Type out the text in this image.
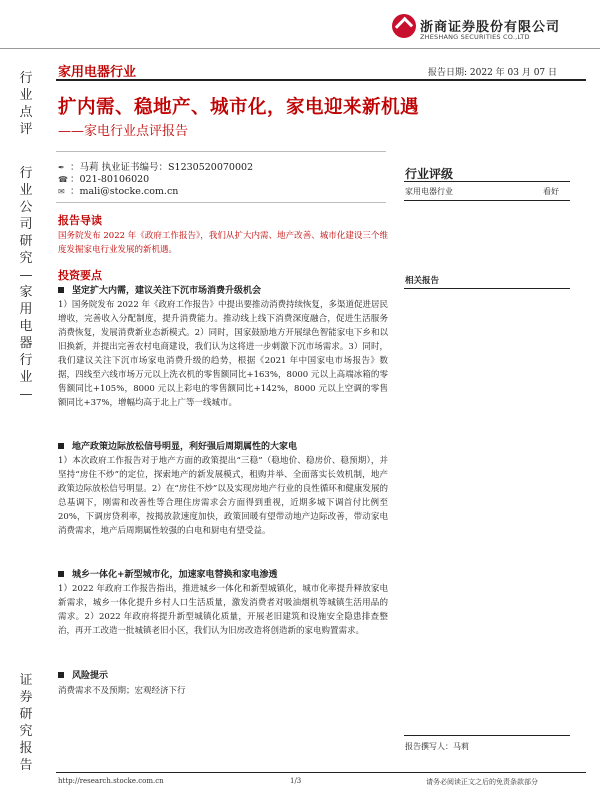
浙商证券股份有限公司
ZHESHANG SECURITIES CO.,LTD
家用电器行业	报告日期: 2022 年 03 月 07 日
扩内需、稳地产、城市化，家电迎来新机遇
——家电行业点评报告
行业点评
行业公司研究—家用电器行业—
证券研究报告
✒ ：马莉 执业证书编号：S1230520070002
☎ ：021-80106020
✉ ：mali@stocke.com.cn
报告导读
国务院发布 2022 年《政府工作报告》，我们从扩大内需、地产改善、城市化建设三个维度发掘家电行业发展的新机遇。
投资要点
坚定扩大内需，建议关注下沉市场消费升级机会
1）国务院发布 2022 年《政府工作报告》中提出要推动消费持续恢复，多渠道促进居民增收，完善收入分配制度，提升消费能力。推动线上线下消费深度融合，促进生活服务消费恢复，发展消费新业态新模式。2）同时，国家鼓励地方开展绿色智能家电下乡和以旧换新，并提出完善农村电商建设，我们认为这将进一步刺激下沉市场需求。3）同时，我们建议关注下沉市场家电消费升级的趋势，根据《2021 年中国家电市场报告》数据，四线至六线市场万元以上洗衣机的零售额同比+163%，8000 元以上高端冰箱的零售额同比+105%，8000 元以上彩电的零售额同比+142%，8000 元以上空调的零售额同比+37%，增幅均高于北上广等一线城市。
地产政策边际放松信号明显，利好强后周期属性的大家电
1）本次政府工作报告对于地产方面的政策提出“三稳”（稳地价、稳房价、稳预期），并坚持“房住不炒”的定位，探索地产的新发展模式，租购并举、全面落实长效机制，地产政策边际放松信号明显。2）在“房住不炒”以及实现房地产行业的良性循环和健康发展的总基调下，刚需和改善性等合理住房需求会方面得到重视，近期多城下调首付比例至 20%，下调房贷利率，按揭放款速度加快，政策回暖有望带动地产边际改善，带动家电消费需求，地产后周期属性较强的白电和厨电有望受益。
城乡一体化+新型城市化，加速家电替换和家电渗透
1）2022 年政府工作报告指出，推进城乡一体化和新型城镇化，城市化率提升释放家电新需求，城乡一体化提升乡村人口生活质量，激发消费者对吸油烟机等城镇生活用品的需求。2）2022 年政府将提升新型城镇化质量，开展老旧建筑和设施安全隐患排查整治，再开工改造一批城镇老旧小区，我们认为旧房改造将创造新的家电购置需求。
风险提示
消费需求不及预期；宏观经济下行
行业评级
家用电器行业	看好
相关报告
报告撰写人：马莉
http://research.stocke.com.cn	1/3	请务必阅读正文之后的免责条款部分
